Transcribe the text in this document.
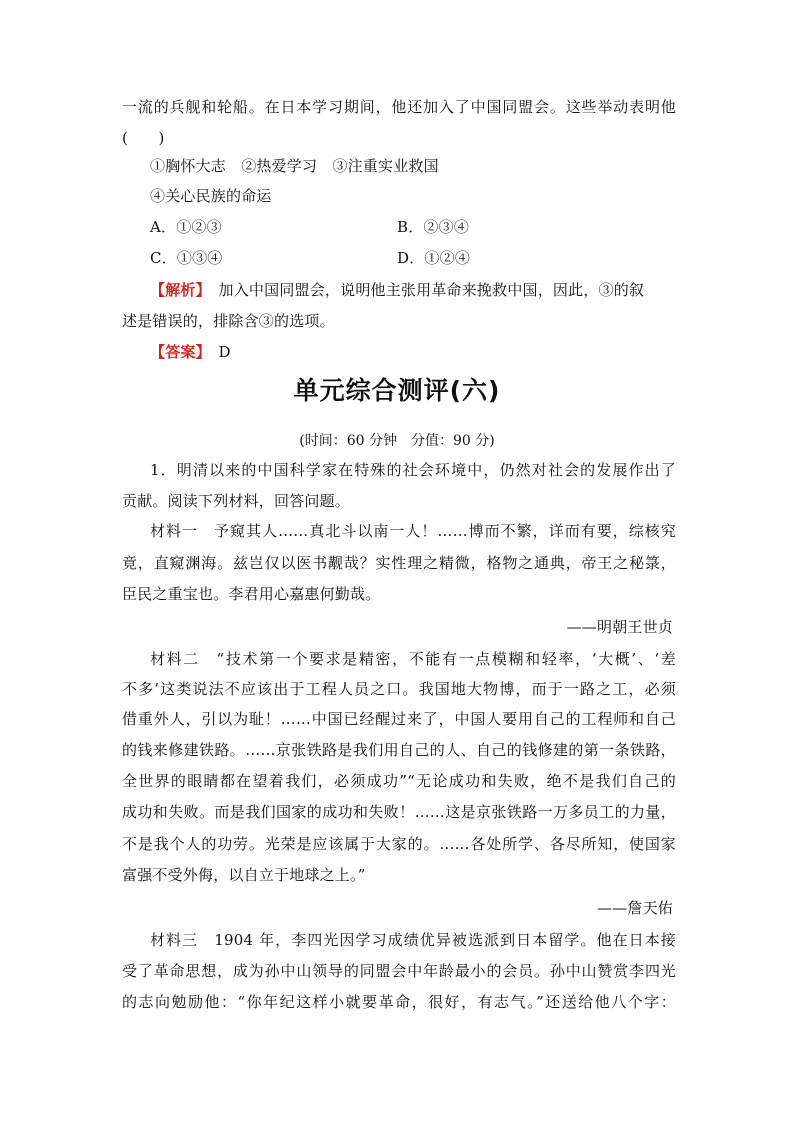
一流的兵舰和轮船。在日本学习期间，他还加入了中国同盟会。这些举动表明他
(　　)
①胸怀大志　②热爱学习　③注重实业救国
④关心民族的命运
A．①②③	B．②③④
C．①③④	D．①②④
【解析】　加入中国同盟会，说明他主张用革命来挽救中国，因此，③的叙
述是错误的，排除含③的选项。
【答案】　D
单元综合测评(六)
(时间：60 分钟　分值：90 分)
1．明清以来的中国科学家在特殊的社会环境中，仍然对社会的发展作出了
贡献。阅读下列材料，回答问题。
材料一　予窥其人……真北斗以南一人！……博而不繁，详而有要，综核究
竟，直窥渊海。兹岂仅以医书觏哉？实性理之精微，格物之通典，帝王之秘箓，
臣民之重宝也。李君用心嘉惠何勤哉。
——明朝王世贞
材料二　“技术第一个要求是精密，不能有一点模糊和轻率，‘大概’、‘差
不多’这类说法不应该出于工程人员之口。我国地大物博，而于一路之工，必须
借重外人，引以为耻！……中国已经醒过来了，中国人要用自己的工程师和自己
的钱来修建铁路。……京张铁路是我们用自己的人、自己的钱修建的第一条铁路，
全世界的眼睛都在望着我们，必须成功”“无论成功和失败，绝不是我们自己的
成功和失败。而是我们国家的成功和失败！……这是京张铁路一万多员工的力量，
不是我个人的功劳。光荣是应该属于大家的。……各处所学、各尽所知，使国家
富强不受外侮，以自立于地球之上。”
——詹天佑
材料三　1904 年，李四光因学习成绩优异被选派到日本留学。他在日本接
受了革命思想，成为孙中山领导的同盟会中年龄最小的会员。孙中山赞赏李四光
的志向勉励他：“你年纪这样小就要革命，很好，有志气。”还送给他八个字：
